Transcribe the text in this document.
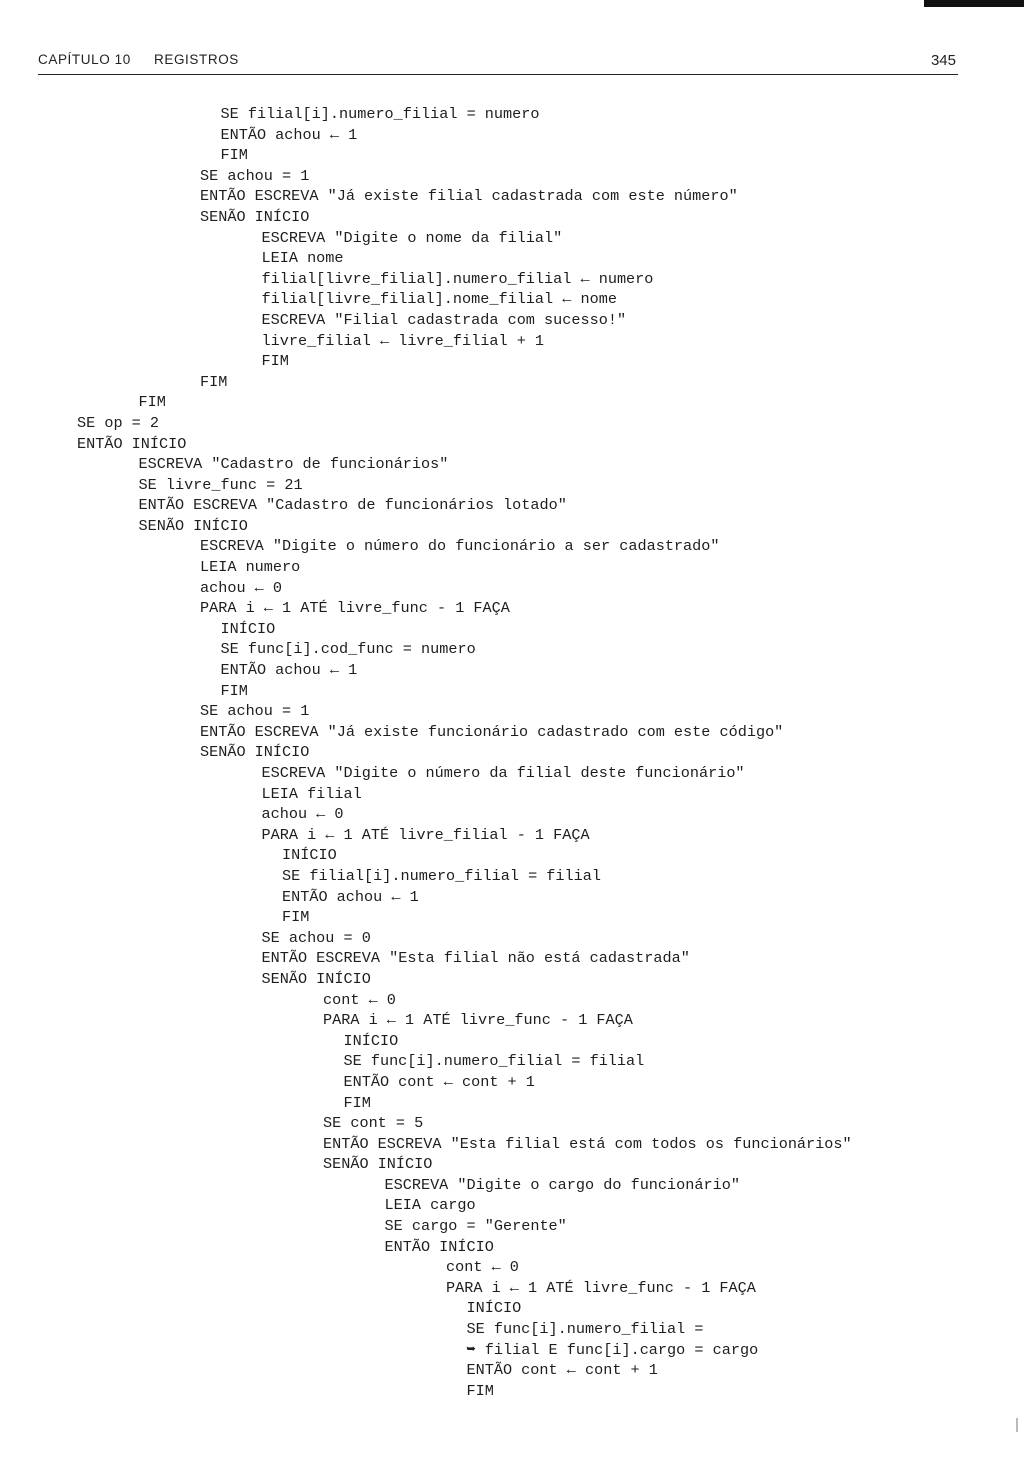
CAPÍTULO 10 REGISTROS	345
SE filial[i].numero_filial = numero
ENTÃO achou ← 1
FIM
SE achou = 1
ENTÃO ESCREVA "Já existe filial cadastrada com este número"
SENÃO INÍCIO
ESCREVA "Digite o nome da filial"
LEIA nome
filial[livre_filial].numero_filial ← numero
filial[livre_filial].nome_filial ← nome
ESCREVA "Filial cadastrada com sucesso!"
livre_filial ← livre_filial + 1
FIM
FIM
FIM
SE op = 2
ENTÃO INÍCIO
ESCREVA "Cadastro de funcionários"
SE livre_func = 21
ENTÃO ESCREVA "Cadastro de funcionários lotado"
SENÃO INÍCIO
ESCREVA "Digite o número do funcionário a ser cadastrado"
LEIA numero
achou ← 0
PARA i ← 1 ATÉ livre_func - 1 FAÇA
INÍCIO
SE func[i].cod_func = numero
ENTÃO achou ← 1
FIM
SE achou = 1
ENTÃO ESCREVA "Já existe funcionário cadastrado com este código"
SENÃO INÍCIO
ESCREVA "Digite o número da filial deste funcionário"
LEIA filial
achou ← 0
PARA i ← 1 ATÉ livre_filial - 1 FAÇA
INÍCIO
SE filial[i].numero_filial = filial
ENTÃO achou ← 1
FIM
SE achou = 0
ENTÃO ESCREVA "Esta filial não está cadastrada"
SENÃO INÍCIO
cont ← 0
PARA i ← 1 ATÉ livre_func - 1 FAÇA
INÍCIO
SE func[i].numero_filial = filial
ENTÃO cont ← cont + 1
FIM
SE cont = 5
ENTÃO ESCREVA "Esta filial está com todos os funcionários"
SENÃO INÍCIO
ESCREVA "Digite o cargo do funcionário"
LEIA cargo
SE cargo = "Gerente"
ENTÃO INÍCIO
cont ← 0
PARA i ← 1 ATÉ livre_func - 1 FAÇA
INÍCIO
SE func[i].numero_filial =
➥ filial E func[i].cargo = cargo
ENTÃO cont ← cont + 1
FIM
